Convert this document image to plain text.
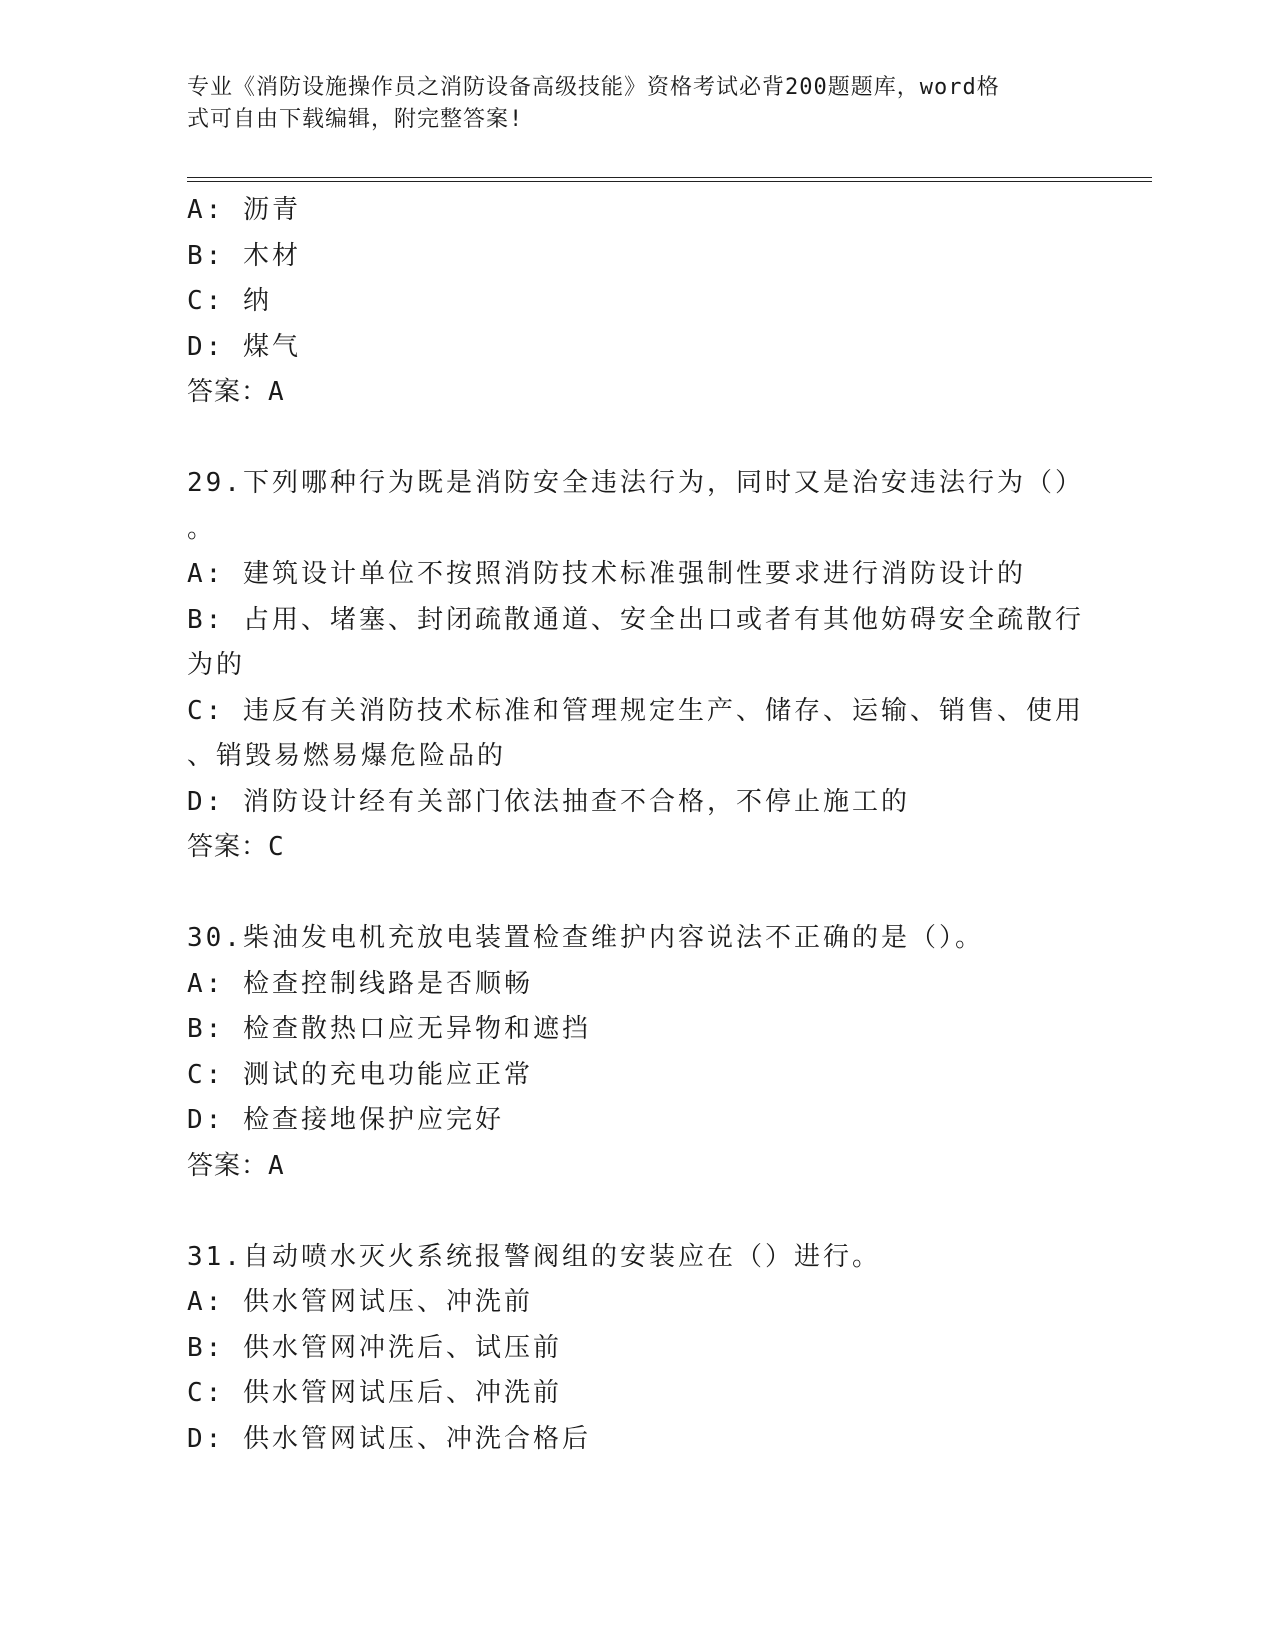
专业《消防设施操作员之消防设备高级技能》资格考试必背200题题库，word格
式可自由下载编辑，附完整答案!
A: 沥青
B: 木材
C: 纳
D: 煤气
答案：A
29.下列哪种行为既是消防安全违法行为，同时又是治安违法行为（）
。
A: 建筑设计单位不按照消防技术标准强制性要求进行消防设计的
B: 占用、堵塞、封闭疏散通道、安全出口或者有其他妨碍安全疏散行
为的
C: 违反有关消防技术标准和管理规定生产、储存、运输、销售、使用
、销毁易燃易爆危险品的
D: 消防设计经有关部门依法抽查不合格，不停止施工的
答案：C
30.柴油发电机充放电装置检查维护内容说法不正确的是（）。
A: 检查控制线路是否顺畅
B: 检查散热口应无异物和遮挡
C: 测试的充电功能应正常
D: 检查接地保护应完好
答案：A
31.自动喷水灭火系统报警阀组的安装应在（）进行。
A: 供水管网试压、冲洗前
B: 供水管网冲洗后、试压前
C: 供水管网试压后、冲洗前
D: 供水管网试压、冲洗合格后
